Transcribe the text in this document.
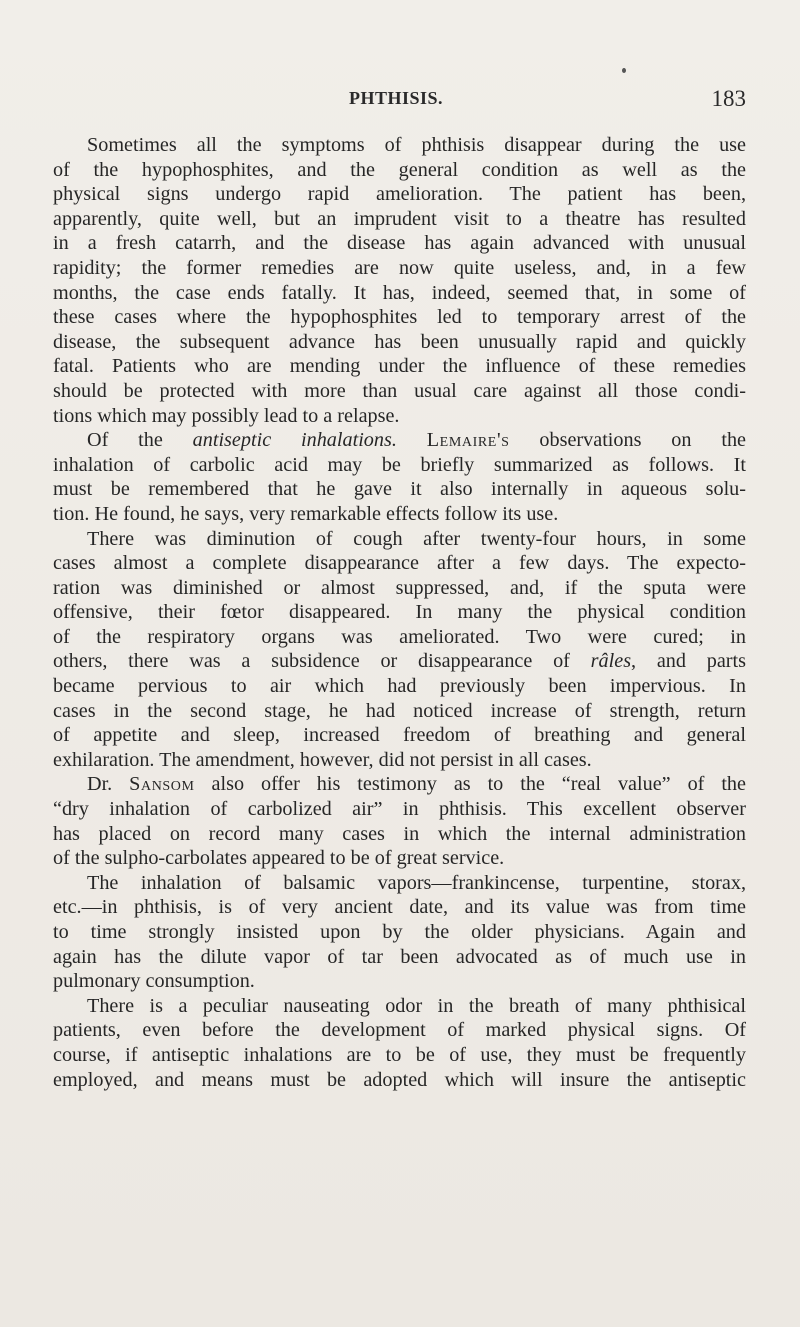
PHTHISIS.	183
Sometimes all the symptoms of phthisis disappear during the use
of the hypophosphites, and the general condition as well as the
physical signs undergo rapid amelioration. The patient has been,
apparently, quite well, but an imprudent visit to a theatre has resulted
in a fresh catarrh, and the disease has again advanced with unusual
rapidity; the former remedies are now quite useless, and, in a few
months, the case ends fatally. It has, indeed, seemed that, in some of
these cases where the hypophosphites led to temporary arrest of the
disease, the subsequent advance has been unusually rapid and quickly
fatal. Patients who are mending under the influence of these remedies
should be protected with more than usual care against all those condi-
tions which may possibly lead to a relapse.
Of the antiseptic inhalations. Lemaire's observations on the
inhalation of carbolic acid may be briefly summarized as follows. It
must be remembered that he gave it also internally in aqueous solu-
tion. He found, he says, very remarkable effects follow its use.
There was diminution of cough after twenty-four hours, in some
cases almost a complete disappearance after a few days. The expecto-
ration was diminished or almost suppressed, and, if the sputa were
offensive, their fœtor disappeared. In many the physical condition
of the respiratory organs was ameliorated. Two were cured; in
others, there was a subsidence or disappearance of râles, and parts
became pervious to air which had previously been impervious. In
cases in the second stage, he had noticed increase of strength, return
of appetite and sleep, increased freedom of breathing and general
exhilaration. The amendment, however, did not persist in all cases.
Dr. Sansom also offer his testimony as to the “real value” of the
“dry inhalation of carbolized air” in phthisis. This excellent observer
has placed on record many cases in which the internal administration
of the sulpho-carbolates appeared to be of great service.
The inhalation of balsamic vapors—frankincense, turpentine, storax,
etc.—in phthisis, is of very ancient date, and its value was from time
to time strongly insisted upon by the older physicians. Again and
again has the dilute vapor of tar been advocated as of much use in
pulmonary consumption.
There is a peculiar nauseating odor in the breath of many phthisical
patients, even before the development of marked physical signs. Of
course, if antiseptic inhalations are to be of use, they must be frequently
employed, and means must be adopted which will insure the antiseptic
